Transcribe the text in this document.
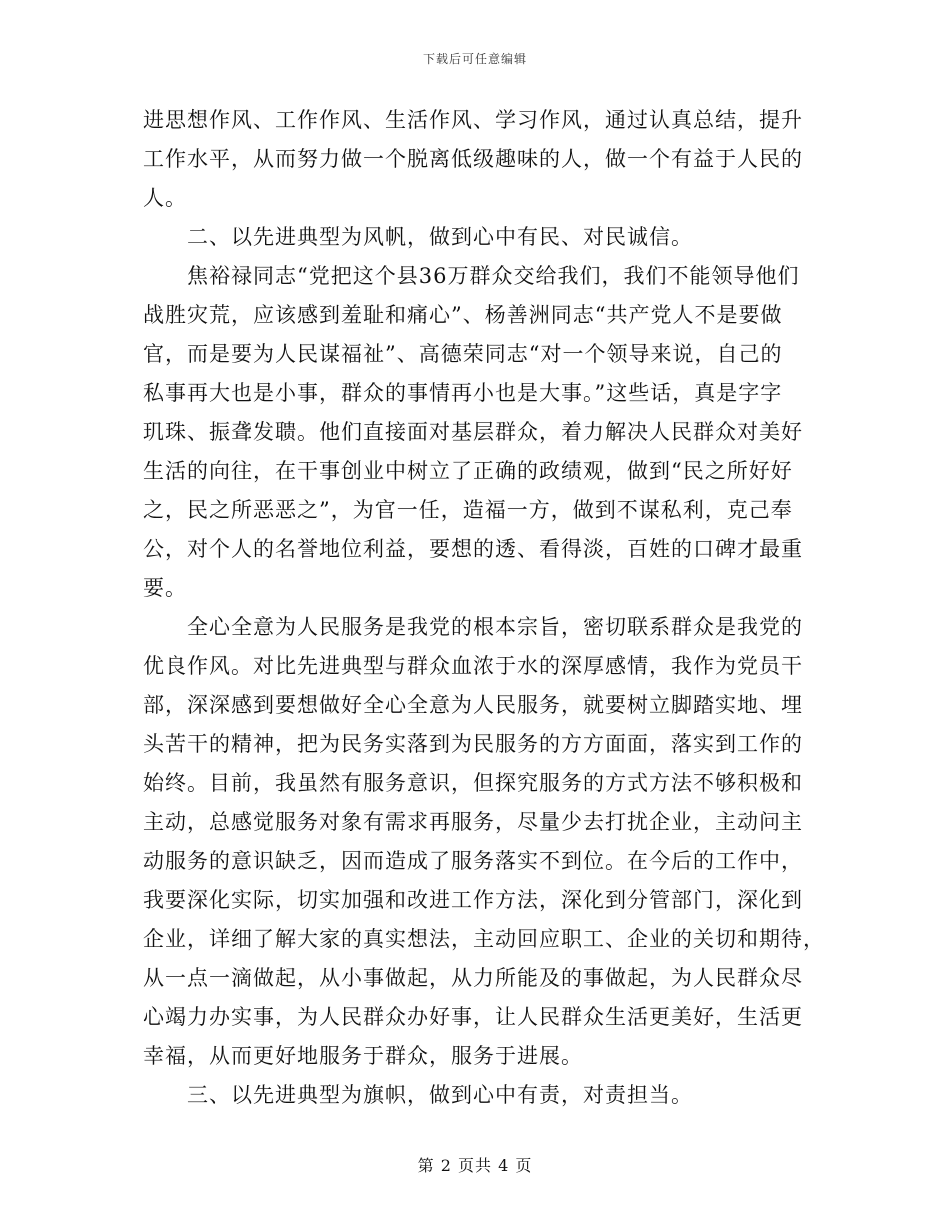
下载后可任意编辑
进思想作风、工作作风、生活作风、学习作风，通过认真总结，提升
工作水平，从而努力做一个脱离低级趣味的人，做一个有益于人民的
人。
二、以先进典型为风帆，做到心中有民、对民诚信。
焦裕禄同志“党把这个县36万群众交给我们，我们不能领导他们
战胜灾荒，应该感到羞耻和痛心”、杨善洲同志“共产党人不是要做
官，而是要为人民谋福祉”、高德荣同志“对一个领导来说，自己的
私事再大也是小事，群众的事情再小也是大事。”这些话，真是字字
玑珠、振聋发聩。他们直接面对基层群众，着力解决人民群众对美好
生活的向往，在干事创业中树立了正确的政绩观，做到“民之所好好
之，民之所恶恶之”，为官一任，造福一方，做到不谋私利，克己奉
公，对个人的名誉地位利益，要想的透、看得淡，百姓的口碑才最重
要。
全心全意为人民服务是我党的根本宗旨，密切联系群众是我党的
优良作风。对比先进典型与群众血浓于水的深厚感情，我作为党员干
部，深深感到要想做好全心全意为人民服务，就要树立脚踏实地、埋
头苦干的精神，把为民务实落到为民服务的方方面面，落实到工作的
始终。目前，我虽然有服务意识，但探究服务的方式方法不够积极和
主动，总感觉服务对象有需求再服务，尽量少去打扰企业，主动问主
动服务的意识缺乏，因而造成了服务落实不到位。在今后的工作中，
我要深化实际，切实加强和改进工作方法，深化到分管部门，深化到
企业，详细了解大家的真实想法，主动回应职工、企业的关切和期待，
从一点一滴做起，从小事做起，从力所能及的事做起，为人民群众尽
心竭力办实事，为人民群众办好事，让人民群众生活更美好，生活更
幸福，从而更好地服务于群众，服务于进展。
三、以先进典型为旗帜，做到心中有责，对责担当。
第 2 页共 4 页
